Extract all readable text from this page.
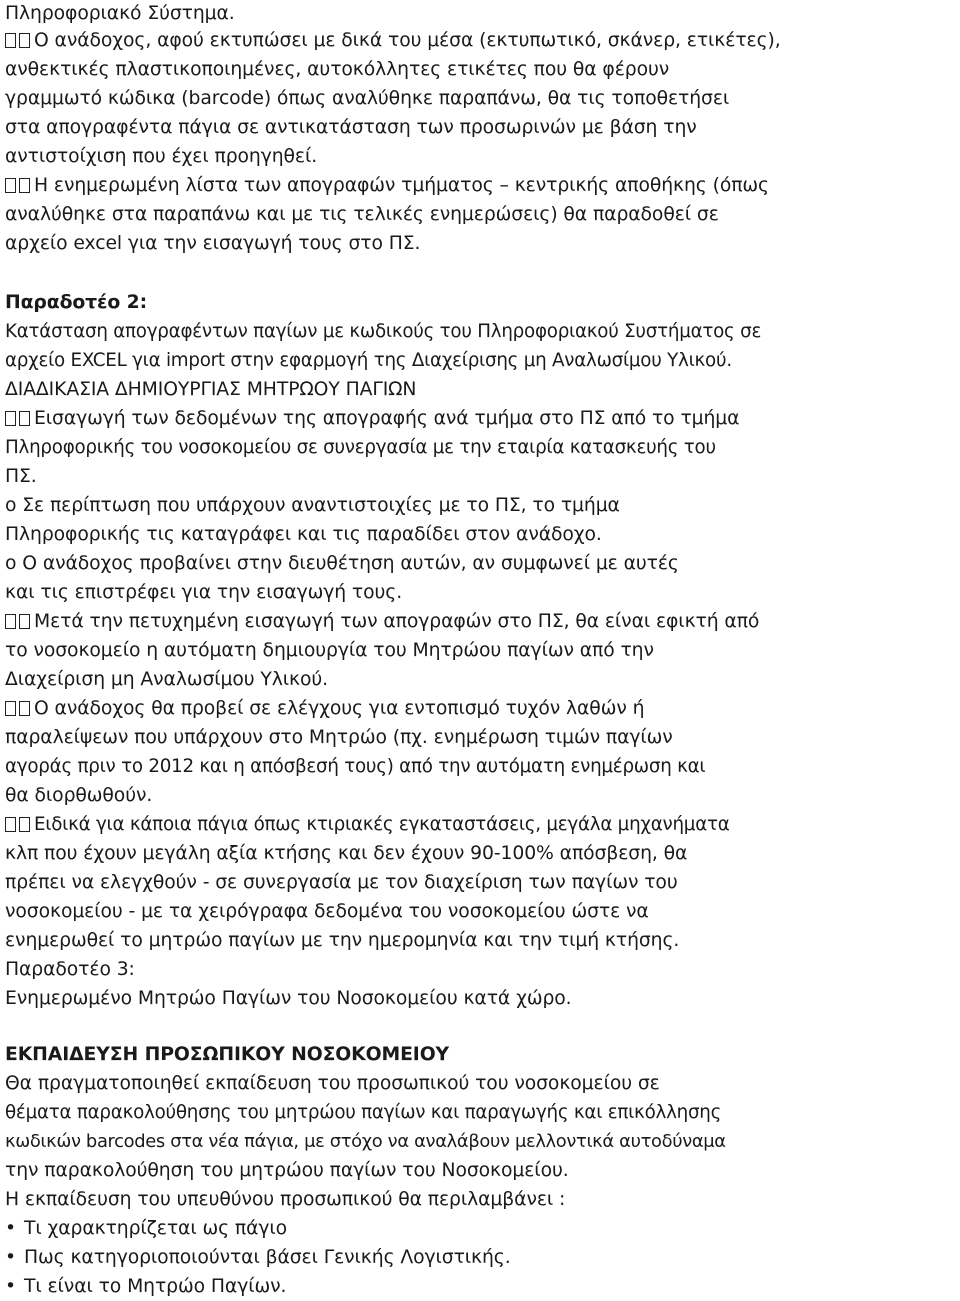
Πληροφοριακό Σύστημα.
Ο ανάδοχος, αφού εκτυπώσει με δικά του μέσα (εκτυπωτικό, σκάνερ, ετικέτες),
ανθεκτικές πλαστικοποιημένες, αυτοκόλλητες ετικέτες που θα φέρουν
γραμμωτό κώδικα (barcode) όπως αναλύθηκε παραπάνω, θα τις τοποθετήσει
στα απογραφέντα πάγια σε αντικατάσταση των προσωρινών με βάση την
αντιστοίχιση που έχει προηγηθεί.
Η ενημερωμένη λίστα των απογραφών τμήματος – κεντρικής αποθήκης (όπως
αναλύθηκε στα παραπάνω και με τις τελικές ενημερώσεις) θα παραδοθεί σε
αρχείο excel για την εισαγωγή τους στο ΠΣ.
Παραδοτέο 2:
Κατάσταση απογραφέντων παγίων με κωδικούς του Πληροφοριακού Συστήματος σε
αρχείο EXCEL για import στην εφαρμογή της Διαχείρισης μη Αναλωσίμου Υλικού.
ΔΙΑΔΙΚΑΣΙΑ ΔΗΜΙΟΥΡΓΙΑΣ ΜΗΤΡΩΟΥ ΠΑΓΙΩΝ
Εισαγωγή των δεδομένων της απογραφής ανά τμήμα στο ΠΣ από το τμήμα
Πληροφορικής του νοσοκομείου σε συνεργασία με την εταιρία κατασκευής του
ΠΣ.
o Σε περίπτωση που υπάρχουν αναντιστοιχίες με το ΠΣ, το τμήμα
Πληροφορικής τις καταγράφει και τις παραδίδει στον ανάδοχο.
o Ο ανάδοχος προβαίνει στην διευθέτηση αυτών, αν συμφωνεί με αυτές
και τις επιστρέφει για την εισαγωγή τους.
Μετά την πετυχημένη εισαγωγή των απογραφών στο ΠΣ, θα είναι εφικτή από
το νοσοκομείο η αυτόματη δημιουργία του Μητρώου παγίων από την
Διαχείριση μη Αναλωσίμου Υλικού.
Ο ανάδοχος θα προβεί σε ελέγχους για εντοπισμό τυχόν λαθών ή
παραλείψεων που υπάρχουν στο Μητρώο (πχ. ενημέρωση τιμών παγίων
αγοράς πριν το 2012 και η απόσβεσή τους) από την αυτόματη ενημέρωση και
θα διορθωθούν.
Ειδικά για κάποια πάγια όπως κτιριακές εγκαταστάσεις, μεγάλα μηχανήματα
κλπ που έχουν μεγάλη αξία κτήσης και δεν έχουν 90-100% απόσβεση, θα
πρέπει να ελεγχθούν - σε συνεργασία με τον διαχείριση των παγίων του
νοσοκομείου - με τα χειρόγραφα δεδομένα του νοσοκομείου ώστε να
ενημερωθεί το μητρώο παγίων με την ημερομηνία και την τιμή κτήσης.
Παραδοτέο 3:
Ενημερωμένο Μητρώο Παγίων του Νοσοκομείου κατά χώρο.
ΕΚΠΑΙΔΕΥΣΗ ΠΡΟΣΩΠΙΚΟΥ ΝΟΣΟΚΟΜΕΙΟΥ
Θα πραγματοποιηθεί εκπαίδευση του προσωπικού του νοσοκομείου σε
θέματα παρακολούθησης του μητρώου παγίων και παραγωγής και επικόλλησης
κωδικών barcodes στα νέα πάγια, με στόχο να αναλάβουν μελλοντικά αυτοδύναμα
την παρακολούθηση του μητρώου παγίων του Νοσοκομείου.
Η εκπαίδευση του υπευθύνου προσωπικού θα περιλαμβάνει :
• Τι χαρακτηρίζεται ως πάγιο
• Πως κατηγοριοποιούνται βάσει Γενικής Λογιστικής.
• Τι είναι το Μητρώο Παγίων.
